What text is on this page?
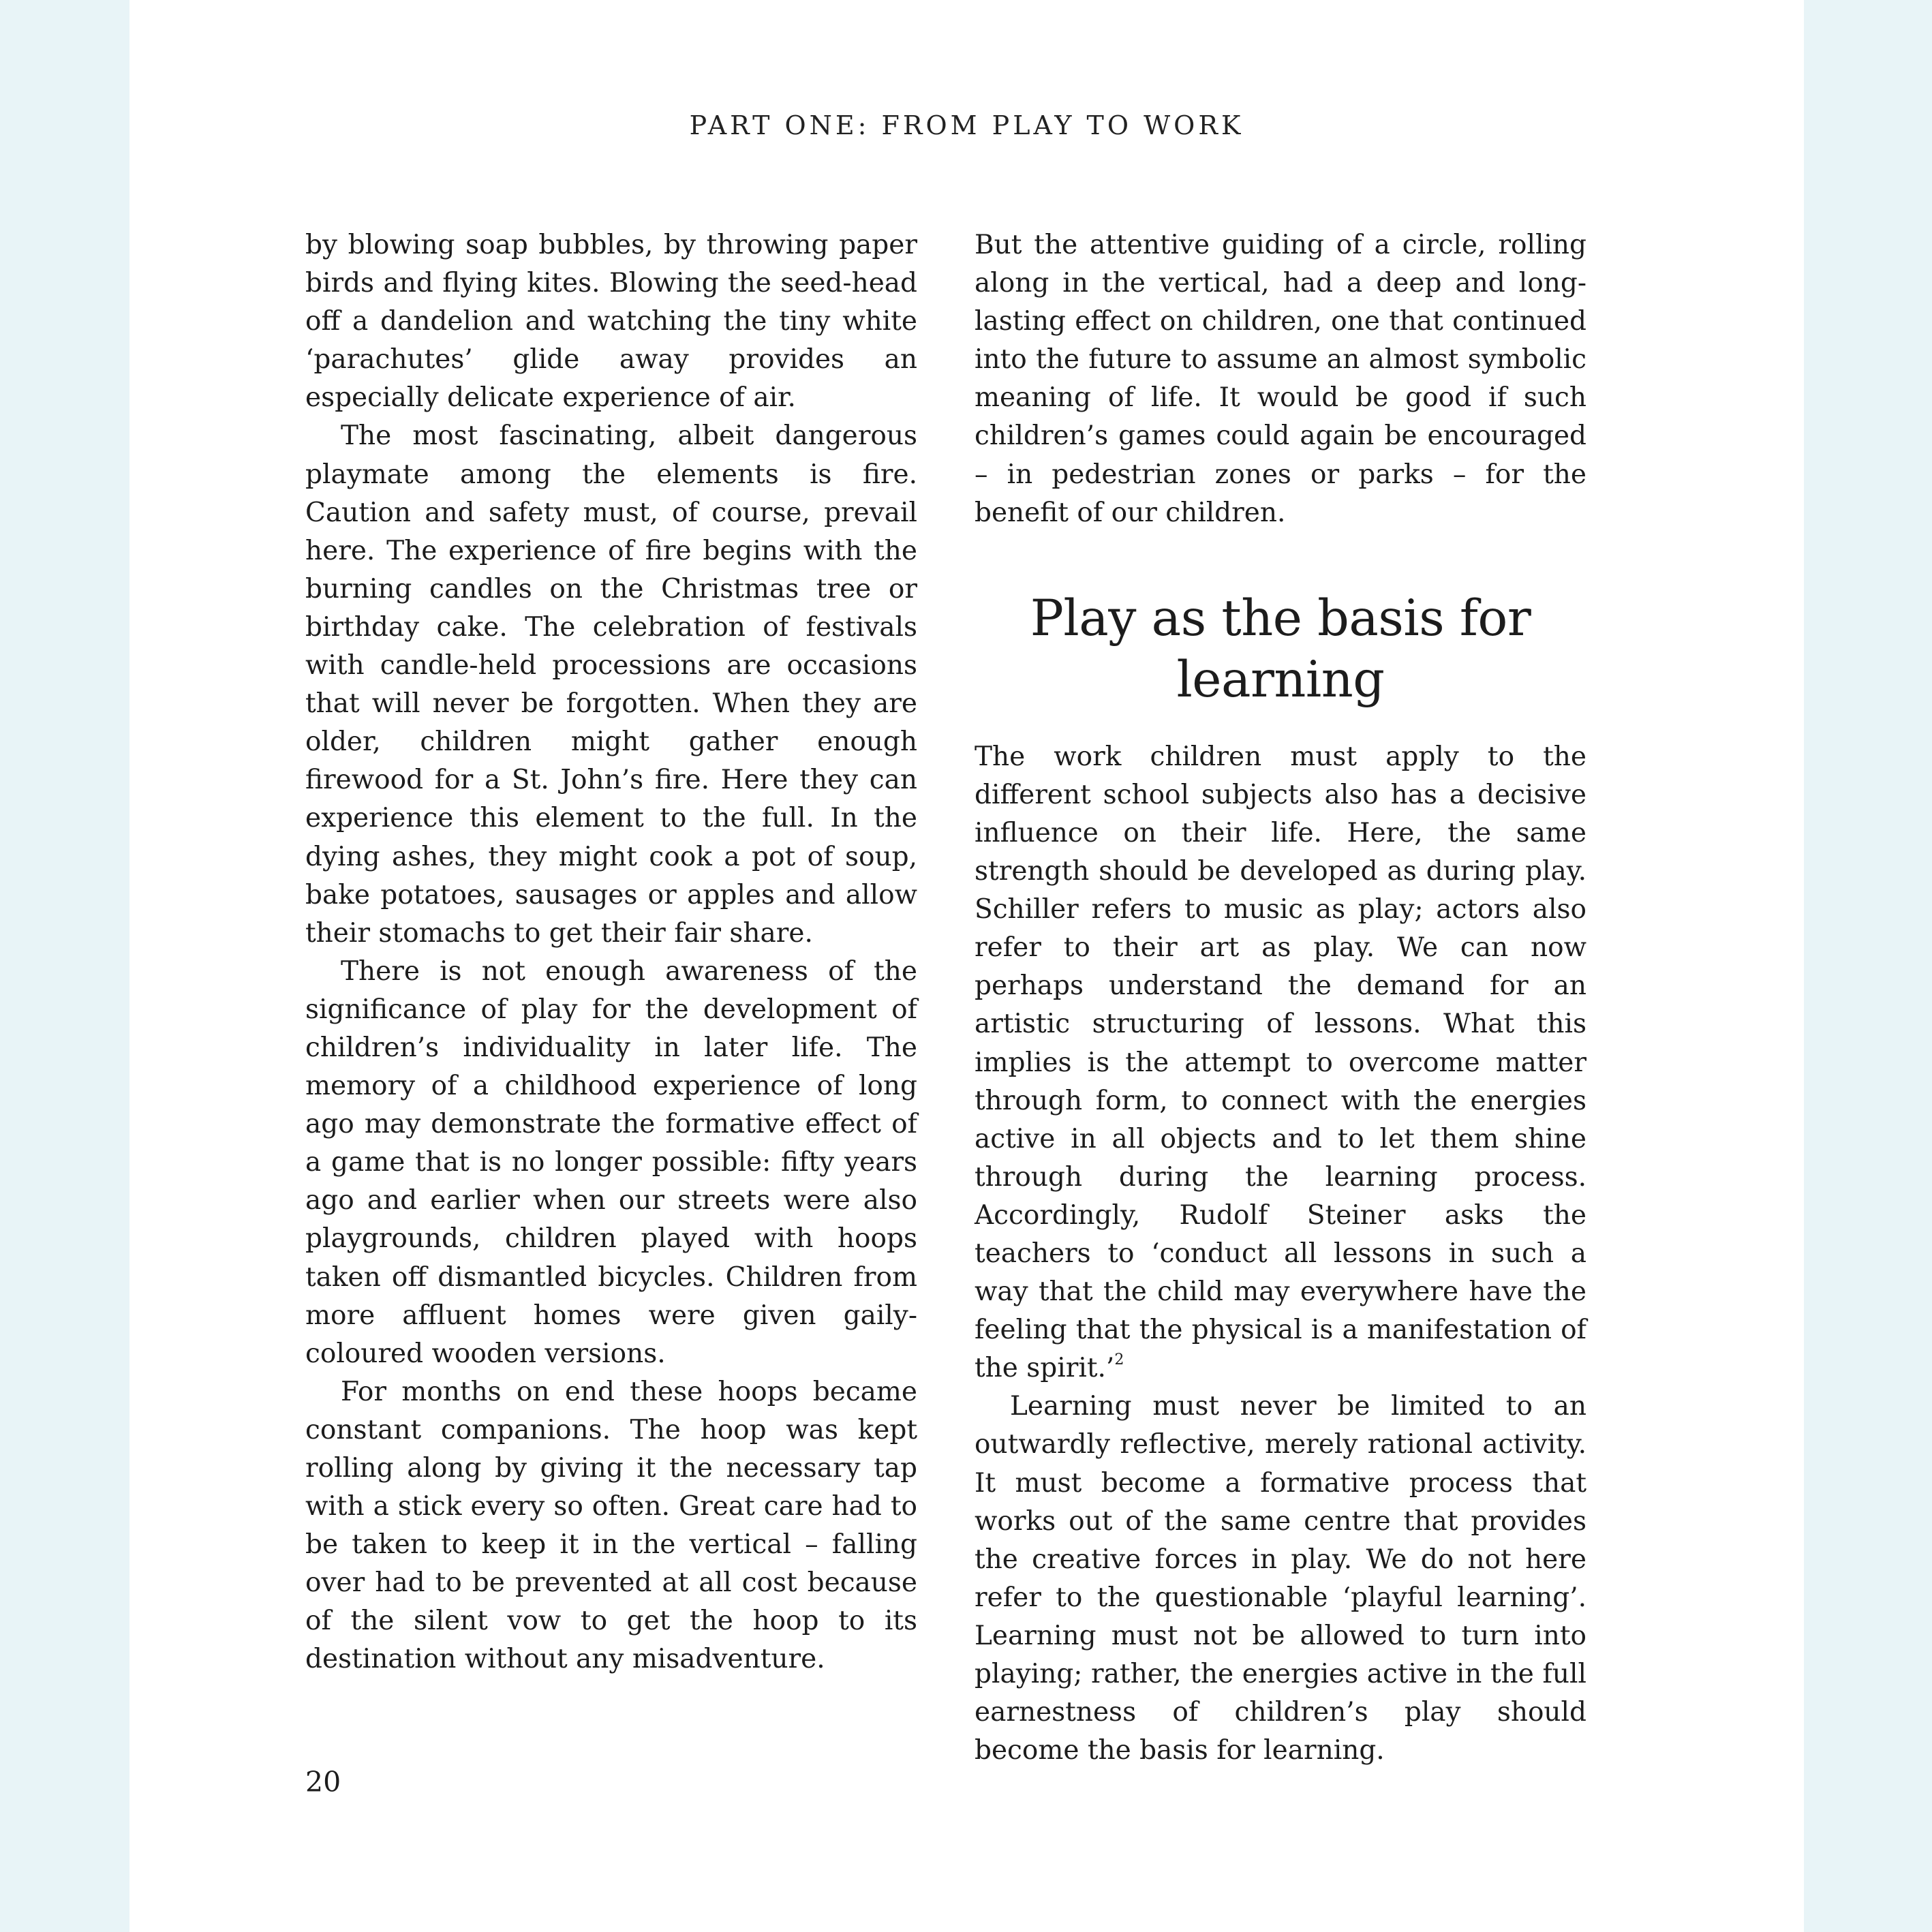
PART ONE: FROM PLAY TO WORK

by blowing soap bubbles, by throwing paper birds and flying kites. Blowing the seed-head off a dandelion and watching the tiny white ‘parachutes’ glide away provides an especially delicate experience of air.

The most fascinating, albeit dangerous playmate among the elements is fire. Caution and safety must, of course, prevail here. The experience of fire begins with the burning candles on the Christmas tree or birthday cake. The celebration of festivals with candle-held processions are occasions that will never be forgotten. When they are older, children might gather enough firewood for a St. John’s fire. Here they can experience this element to the full. In the dying ashes, they might cook a pot of soup, bake potatoes, sausages or apples and allow their stomachs to get their fair share.

There is not enough awareness of the significance of play for the development of children’s individuality in later life. The memory of a childhood experience of long ago may demonstrate the formative effect of a game that is no longer possible: fifty years ago and earlier when our streets were also playgrounds, children played with hoops taken off dismantled bicycles. Children from more affluent homes were given gaily-coloured wooden versions.

For months on end these hoops became constant companions. The hoop was kept rolling along by giving it the necessary tap with a stick every so often. Great care had to be taken to keep it in the vertical – falling over had to be prevented at all cost because of the silent vow to get the hoop to its destination without any misadventure.

But the attentive guiding of a circle, rolling along in the vertical, had a deep and long-lasting effect on children, one that continued into the future to assume an almost symbolic meaning of life. It would be good if such children’s games could again be encouraged – in pedestrian zones or parks – for the benefit of our children.

Play as the basis for learning

The work children must apply to the different school subjects also has a decisive influence on their life. Here, the same strength should be developed as during play. Schiller refers to music as play; actors also refer to their art as play. We can now perhaps understand the demand for an artistic structuring of lessons. What this implies is the attempt to overcome matter through form, to connect with the energies active in all objects and to let them shine through during the learning process. Accordingly, Rudolf Steiner asks the teachers to ‘conduct all lessons in such a way that the child may everywhere have the feeling that the physical is a manifestation of the spirit.’$^2$

Learning must never be limited to an outwardly reflective, merely rational activity. It must become a formative process that works out of the same centre that provides the creative forces in play. We do not here refer to the questionable ‘playful learning’. Learning must not be allowed to turn into playing; rather, the energies active in the full earnestness of children’s play should become the basis for learning.

20
